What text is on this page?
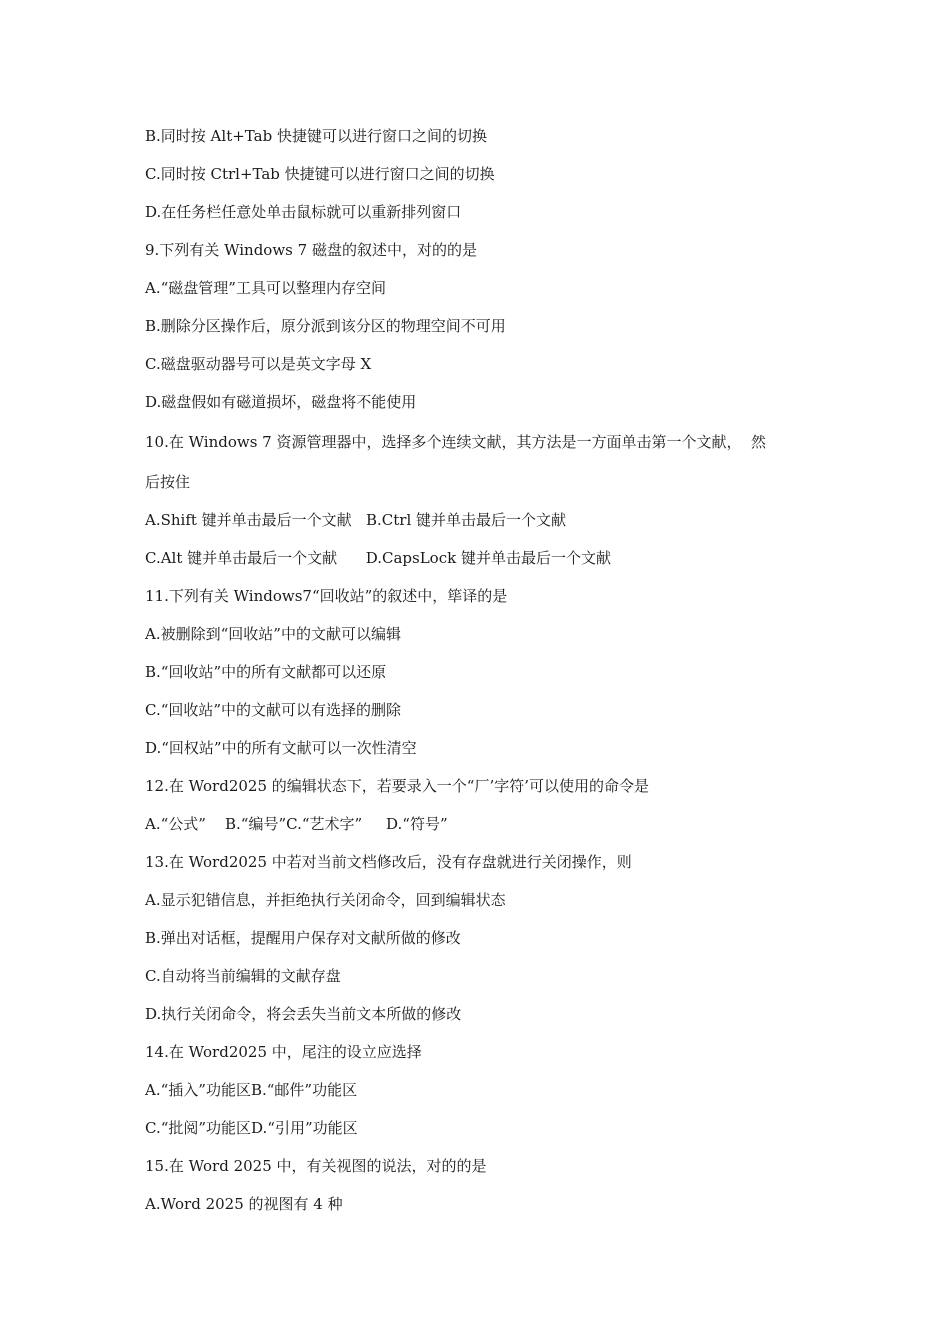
B.同时按 Alt+Tab 快捷键可以进行窗口之间的切换

C.同时按 Ctrl+Tab 快捷键可以进行窗口之间的切换

D.在任务栏任意处单击鼠标就可以重新排列窗口

9.下列有关 Windows 7 磁盘的叙述中，对的的是

A.“磁盘管理”工具可以整理内存空间

B.删除分区操作后，原分派到该分区的物理空间不可用

C.磁盘驱动器号可以是英文字母 X

D.磁盘假如有磁道损坏，磁盘将不能使用

10.在 Windows 7 资源管理器中，选择多个连续文献，其方法是一方面单击第一个文献，  然

后按住

A.Shift 键并单击最后一个文献   B.Ctrl 键并单击最后一个文献

C.Alt 键并单击最后一个文献      D.CapsLock 键并单击最后一个文献

11.下列有关 Windows7“回收站”的叙述中，筚译的是

A.被删除到“回收站”中的文献可以编辑

B.“回收站”中的所有文献都可以还原

C.“回收站”中的文献可以有选择的删除

D.“回权站”中的所有文献可以一次性清空

12.在 Word2025 的编辑状态下，若要录入一个“厂’字符’可以使用的命令是

A.“公式”    B.“编号”C.“艺术字”     D.“符号”

13.在 Word2025 中若对当前文档修改后，没有存盘就进行关闭操作，则

A.显示犯错信息，并拒绝执行关闭命令，回到编辑状态

B.弹出对话框，提醒用户保存对文献所做的修改

C.自动将当前编辑的文献存盘

D.执行关闭命令，将会丢失当前文本所做的修改

14.在 Word2025 中，尾注的设立应选择

A.“插入”功能区B.“邮件”功能区

C.“批阅”功能区D.“引用”功能区

15.在 Word 2025 中，有关视图的说法，对的的是

A.Word 2025 的视图有 4 种
